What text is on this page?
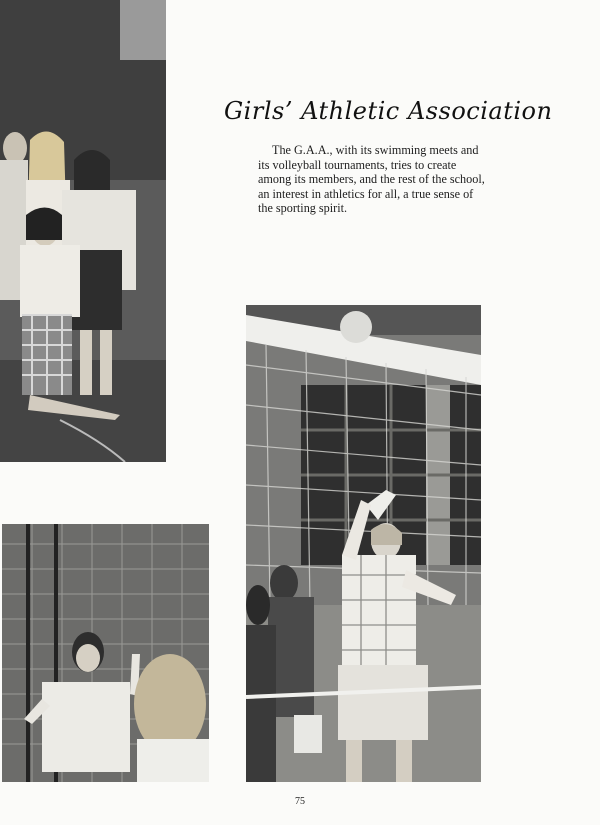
Girls’ Athletic Association
The G.A.A., with its swimming meets and its volleyball tournaments, tries to create among its members, and the rest of the school, an interest in athletics for all, a true sense of the sporting spirit.
75
